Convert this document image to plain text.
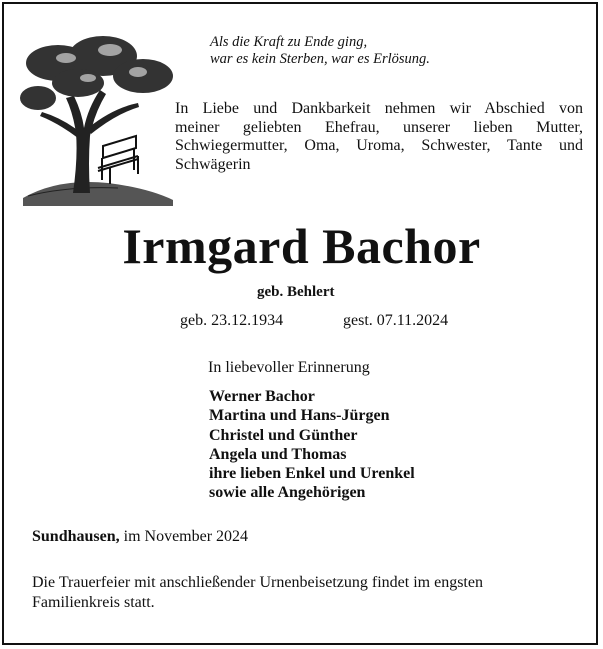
Als die Kraft zu Ende ging,
war es kein Sterben, war es Erlösung.
In Liebe und Dankbarkeit nehmen wir Abschied von
meiner geliebten Ehefrau, unserer lieben Mutter,
Schwiegermutter, Oma, Uroma, Schwester, Tante und
Schwägerin
Irmgard Bachor
geb. Behlert
geb. 23.12.1934	gest. 07.11.2024
In liebevoller Erinnerung
Werner Bachor
Martina und Hans-Jürgen
Christel und Günther
Angela und Thomas
ihre lieben Enkel und Urenkel
sowie alle Angehörigen
Sundhausen, im November 2024
Die Trauerfeier mit anschließender Urnenbeisetzung findet im engsten
Familienkreis statt.
